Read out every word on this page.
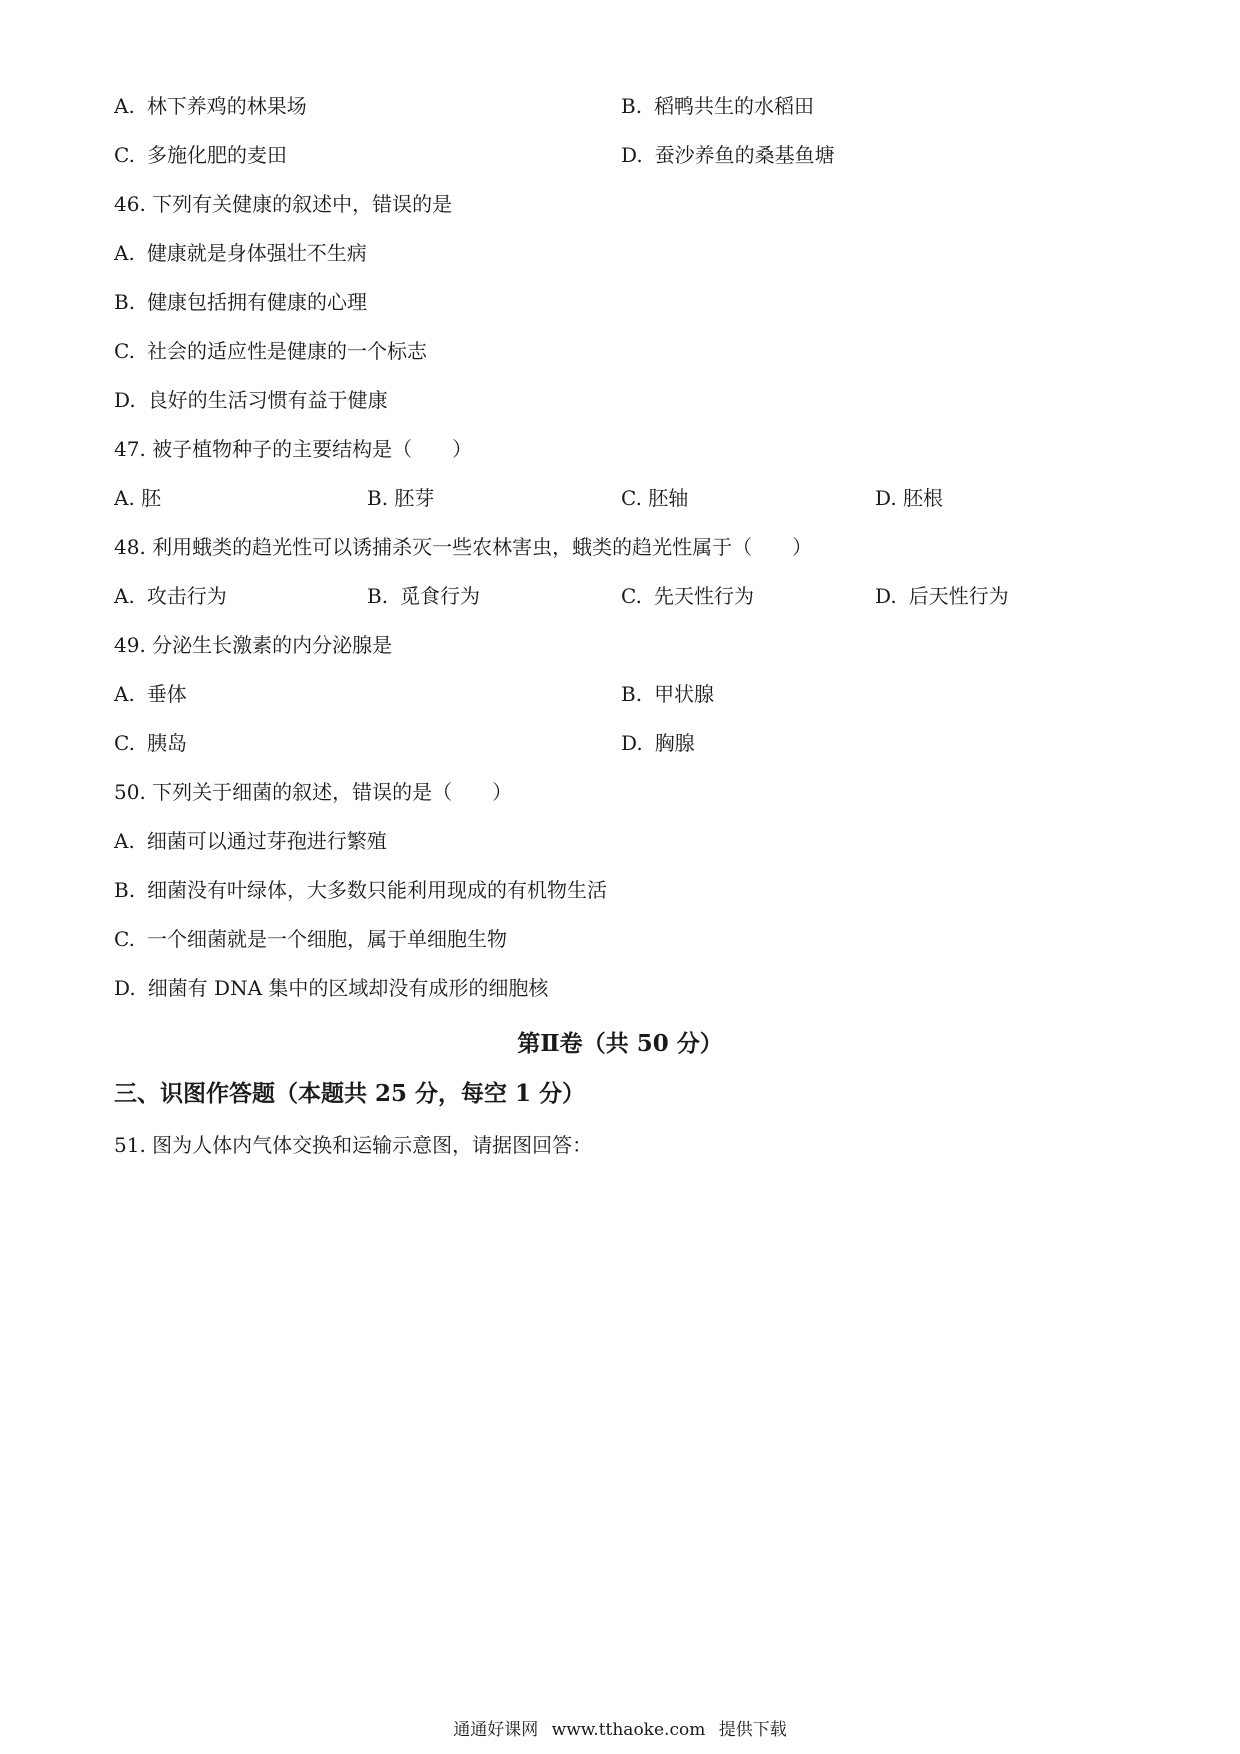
A. 林下养鸡的林果场	B. 稻鸭共生的水稻田
C. 多施化肥的麦田	D. 蚕沙养鱼的桑基鱼塘
46. 下列有关健康的叙述中，错误的是
A. 健康就是身体强壮不生病
B. 健康包括拥有健康的心理
C. 社会的适应性是健康的一个标志
D. 良好的生活习惯有益于健康
47. 被子植物种子的主要结构是（　　）
A. 胚	B. 胚芽	C. 胚轴	D. 胚根
48. 利用蛾类的趋光性可以诱捕杀灭一些农林害虫，蛾类的趋光性属于（　　）
A. 攻击行为	B. 觅食行为	C. 先天性行为	D. 后天性行为
49. 分泌生长激素的内分泌腺是
A. 垂体	B. 甲状腺
C. 胰岛	D. 胸腺
50. 下列关于细菌的叙述，错误的是（　　）
A. 细菌可以通过芽孢进行繁殖
B. 细菌没有叶绿体，大多数只能利用现成的有机物生活
C. 一个细菌就是一个细胞，属于单细胞生物
D. 细菌有 DNA 集中的区域却没有成形的细胞核
第Ⅱ卷（共 50 分）
三、识图作答题（本题共 25 分，每空 1 分）
51. 图为人体内气体交换和运输示意图，请据图回答：
通通好课网 www.tthaoke.com 提供下载
